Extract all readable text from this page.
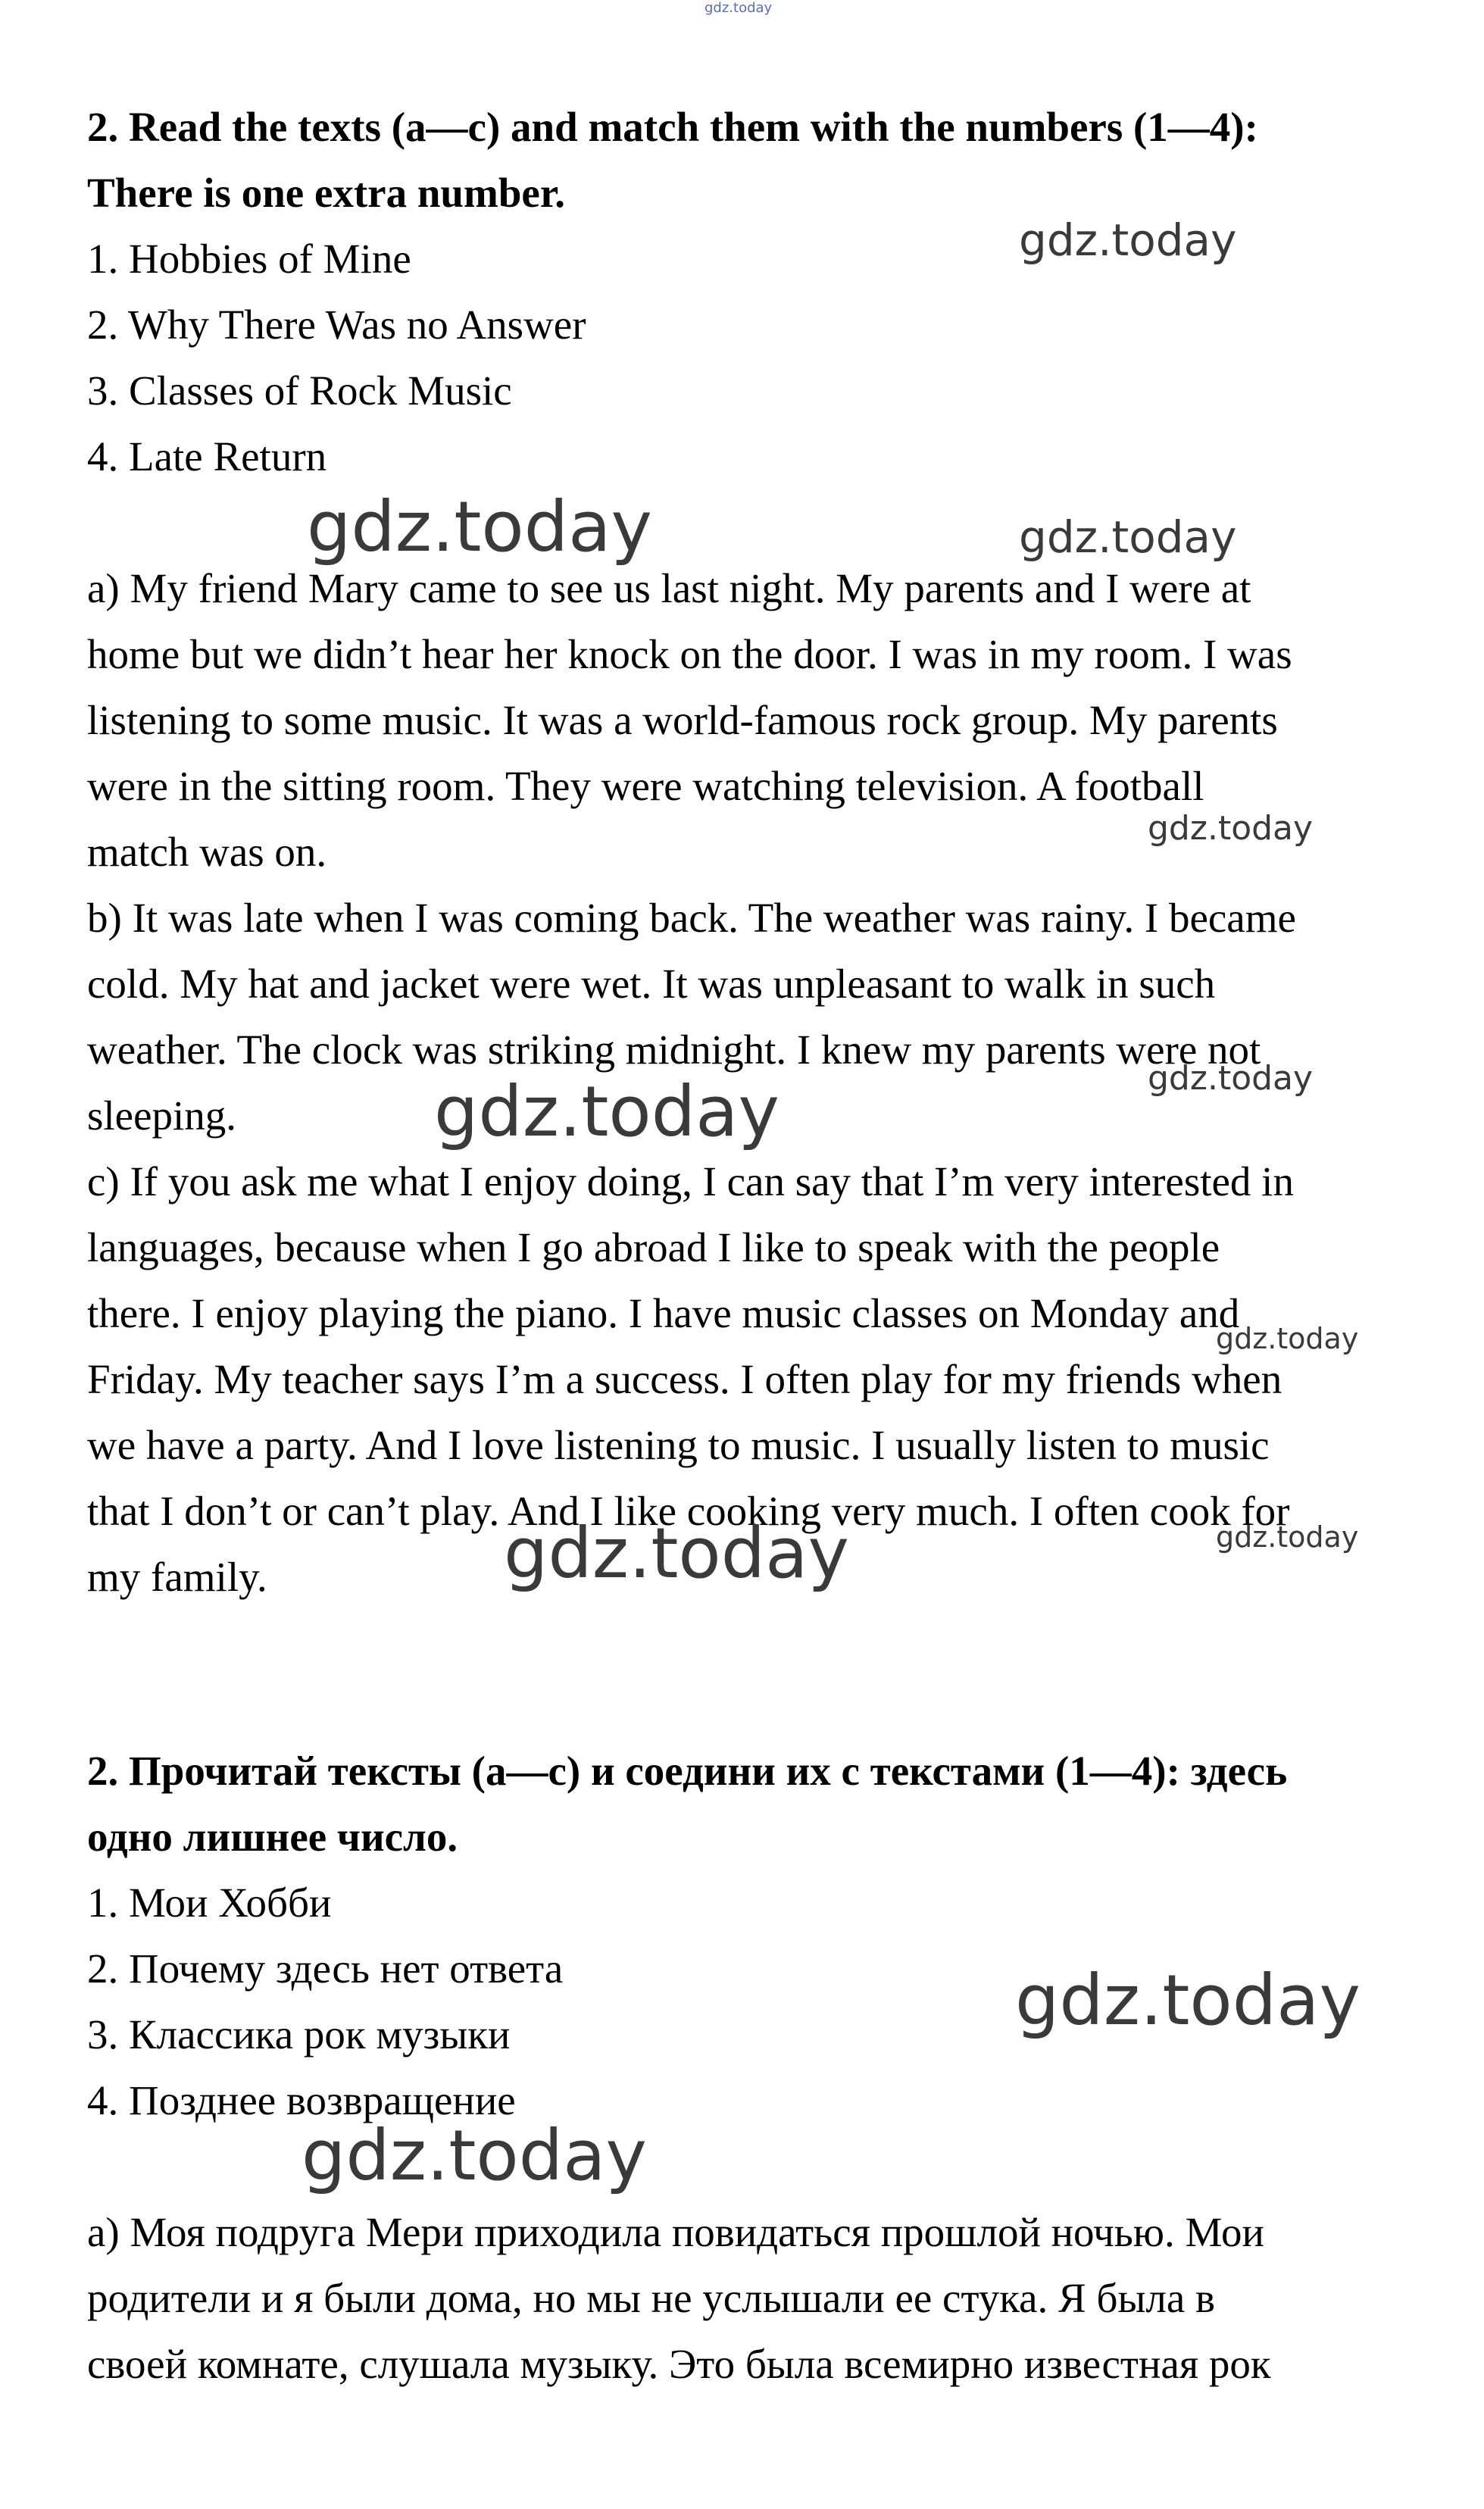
gdz.today
2. Read the texts (a—c) and match them with the numbers (1—4):
There is one extra number.
1. Hobbies of Mine
2. Why There Was no Answer
3. Classes of Rock Music
4. Late Return
a) My friend Mary came to see us last night. My parents and I were at
home but we didn’t hear her knock on the door. I was in my room. I was
listening to some music. It was a world-famous rock group. My parents
were in the sitting room. They were watching television. A football
match was on.
b) It was late when I was coming back. The weather was rainy. I became
cold. My hat and jacket were wet. It was unpleasant to walk in such
weather. The clock was striking midnight. I knew my parents were not
sleeping.
c) If you ask me what I enjoy doing, I can say that I’m very interested in
languages, because when I go abroad I like to speak with the people
there. I enjoy playing the piano. I have music classes on Monday and
Friday. My teacher says I’m a success. I often play for my friends when
we have a party. And I love listening to music. I usually listen to music
that I don’t or can’t play. And I like cooking very much. I often cook for
my family.
2. Прочитай тексты (а—с) и соедини их с текстами (1—4): здесь
одно лишнее число.
1. Мои Хобби
2. Почему здесь нет ответа
3. Классика рок музыки
4. Позднее возвращение
а) Моя подруга Мери приходила повидаться прошлой ночью. Мои
родители и я были дома, но мы не услышали ее стука. Я была в
своей комнате, слушала музыку. Это была всемирно известная рок
gdz.today
gdz.today	gdz.today
gdz.today
gdz.today
gdz.today
gdz.today
gdz.today
gdz.today
gdz.today
gdz.today
